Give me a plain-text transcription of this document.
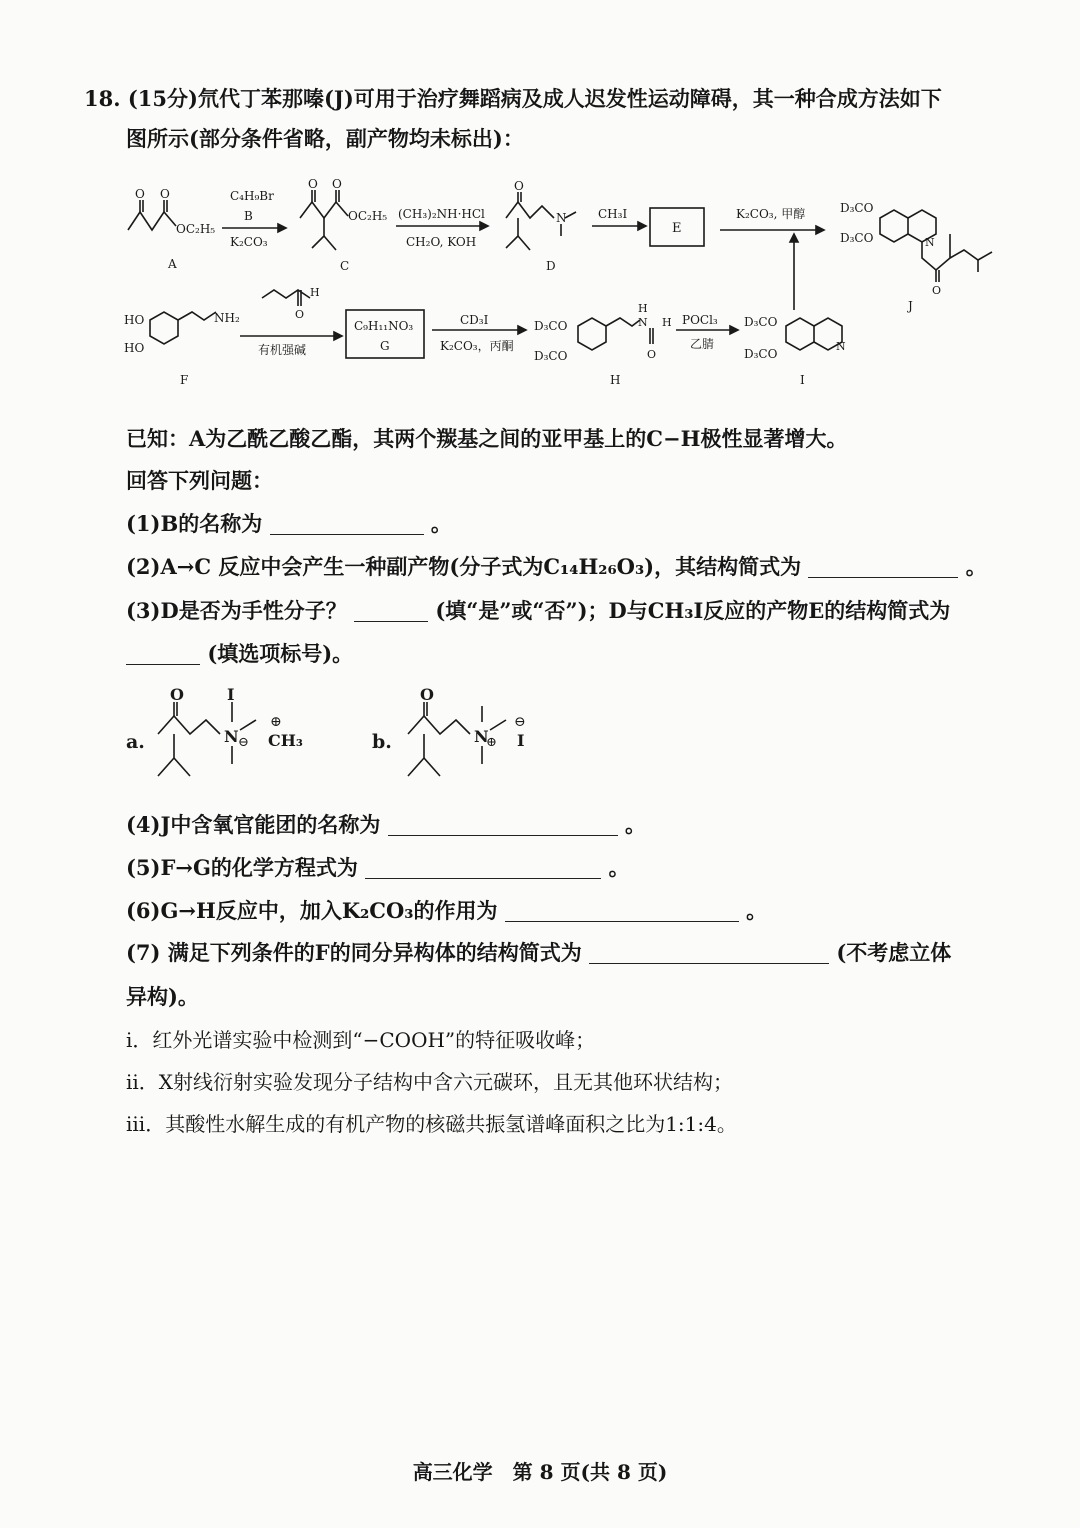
18. (15分)氘代丁苯那嗪(J)可用于治疗舞蹈病及成人迟发性运动障碍，其一种合成方法如下
图所示(部分条件省略，副产物均未标出)：
O O
OC₂H₅
A
C₄H₉Br
B
K₂CO₃
O O
OC₂H₅
C
(CH₃)₂NH·HCl
CH₂O, KOH
O
N
D
CH₃I
E
K₂CO₃, 甲醇	D₃CO
D₃CO	N
O
J
HO
HO
NH₂
F
H
O
有机强碱
C₉H₁₁NO₃
G
CD₃I
K₂CO₃，丙酮
D₃CO
D₃CO
H
N H
O
H
POCl₃
乙腈
D₃CO
D₃CO
N
I
已知：A为乙酰乙酸乙酯，其两个羰基之间的亚甲基上的C−H极性显著增大。
回答下列问题：
(1)B的名称为	。
(2)A→C 反应中会产生一种副产物(分子式为C₁₄H₂₆O₃)，其结构简式为	。
(3)D是否为手性分子？	(填“是”或“否”)；D与CH₃I反应的产物E的结构简式为
(填选项标号)。
a.
O	I
N ⊖
⊕
CH₃	b.
O
N
⊕
⊖
I
(4)J中含氧官能团的名称为	。
(5)F→G的化学方程式为	。
(6)G→H反应中，加入K₂CO₃的作用为	。
(7) 满足下列条件的F的同分异构体的结构简式为	(不考虑立体
异构)。
i．红外光谱实验中检测到“−COOH”的特征吸收峰；
ii．X射线衍射实验发现分子结构中含六元碳环，且无其他环状结构；
iii．其酸性水解生成的有机产物的核磁共振氢谱峰面积之比为1:1:4。
高三化学　第 8 页(共 8 页)
